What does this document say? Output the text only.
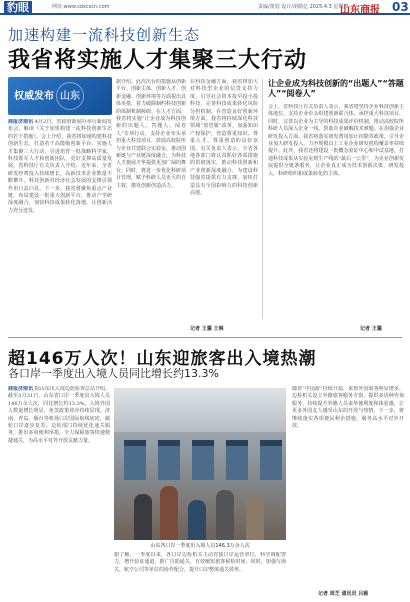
豹眼	网址:www.sdxcxcn.com	责编/策划 设计/胡睛亿 2025.4.3 星期四
山东商报 03
加速构建一流科技创新生态
我省将实施人才集聚三大行动
权威发布 山东
商报济南讯 4月2日，省政府新闻办举行新闻发布会，解读《关于加快构建一流科技创新生态的若干措施》。会上介绍，我省将加速构建科技创新生态，打造若干高能级创新平台，实施人才集聚三大行动，引进培育一批战略科学家、科技领军人才和创新团队，更好支撑高质量发展。省科技厅有关负责人介绍，近年来，全省研发经费投入持续增长，高新技术企业数量不断攀升，科技创新对经济社会发展的支撑引领作用日益凸显。下一步，我省将聚焦重点产业链，布局建设一批重大创新平台，推动产学研深度融合，加快科技成果转化落地，让创新活力充分迸发。
据介绍，此次出台的措施从创新平台、创新主体、创新人才、创新金融、创新环境等方面提出具体举措，着力破除制约科技创新的体制机制障碍。在人才方面，我省将实施“让企业成为科技创新的出题人、答题人、阅卷人”专项行动，支持企业牵头承担重大科技项目，鼓励高校院所与企业共建联合实验室，推动创新链与产业链深度融合，为科技人才施展才华提供更加广阔的舞台。同时，将进一步优化科研项目管理，赋予科研人员更大的自主权，激发创新创造活力。
在科技金融方面，我省将加大对科技型企业的信贷支持力度，引导社会资本投早投小投科技，完善科技成果转化风险分担机制。在营造良好创新环境方面，我省将持续深化科技领域“放管服”改革，加强知识产权保护，营造尊重知识、尊重人才、尊重创造的良好氛围。有关负责人表示，全省各地各部门将认真抓好各项措施的贯彻落实，推动科技创新和产业创新深度融合，为建设科技强省提供有力支撑，加快打造具有全国影响力的科技创新高地。
记者 王骥 王琳
让企业成为科技创新的“出题人”“答题人”“阅卷人”
会上，省科技厅有关负责人表示，我省将坚持企业科技创新主体地位，支持企业牵头组建创新联合体，承担重大科技项目。同时，完善以企业为主导的科技成果评价机制，推动高校院所科研人员深入企业一线，帮助企业破解技术难题。在加强企业研发投入方面，我省将落实研发费用加计扣除等政策，引导企业加大研发投入，力争规模以上工业企业研发机构覆盖率持续提升。此外，我省还将建设一批概念验证中心和中试基地，打通科技成果从实验室到生产线的“最后一公里”，为企业创新发展提供全链条服务，让企业真正成为技术创新决策、研发投入、科研组织和成果转化的主体。
记者 王骥
超146万人次！山东迎旅客出入境热潮
各口岸一季度出入境人员同比增长约13.3%
商报济南讯 据山东出入境边防检查总站介绍，截至3月31日，山东省口岸一季度出入境人员146万余人次，同比增长约13.3%。入境外国人数量增长明显，免签政策效应持续显现。济南、青岛、烟台等机场口岸国际航线加密，邮轮口岸逐步复苏。边检部门持续优化通关服务，推出多项便利举措，全力保障旅客快速便捷通关，为高水平对外开放贡献力量。
山东各口岸一季度出入境人员146.3万余人次
据了解，一季度以来，各口岸边检机关主动对接口岸运营单位，科学调配警力，增开验证通道，推广自助通关，有效缩短旅客候检时间。同时，加强与海关、航空公司等单位的协作配合，提升口岸整体通关效率。
随着“中国游”持续升温，来鲁外国旅客明显增多。边检机关设立外籍旅客服务专窗，提供多语种咨询服务，持续提升外籍人员来华便利度和体验感，让更多外国友人感受山东的开放与热情。下一步，将继续落实各项便民利企措施，服务高水平对外开放。
记者 周芝 通讯员 吕颖
